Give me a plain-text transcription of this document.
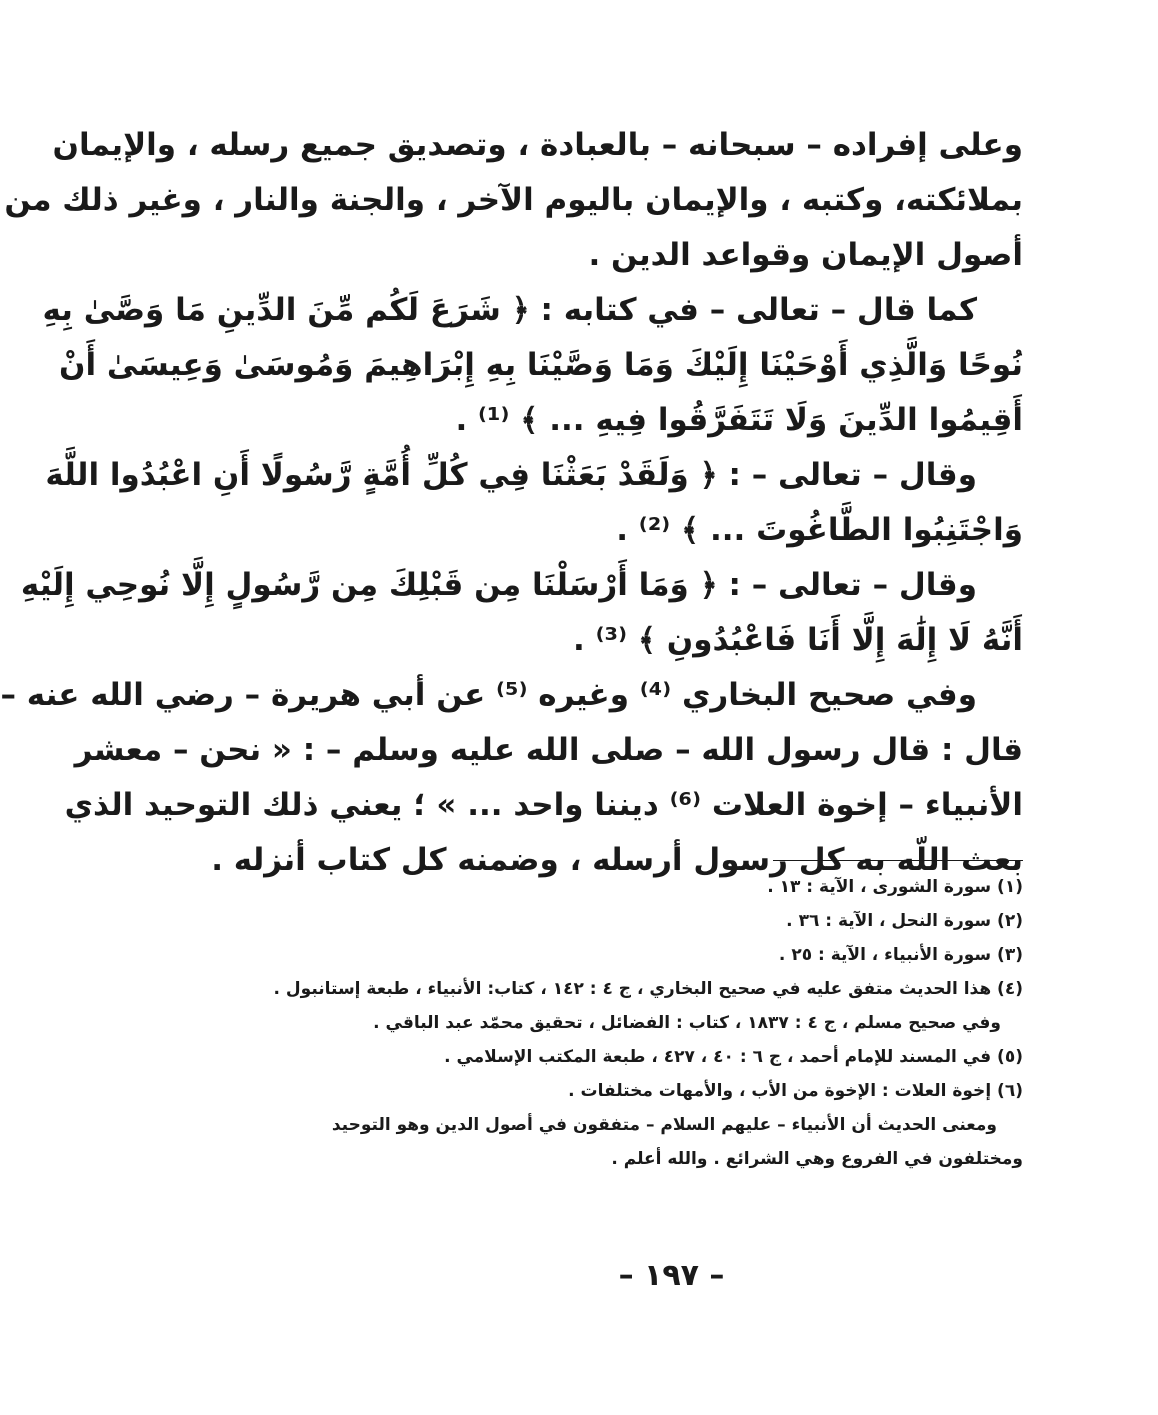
وعلى إفراده – سبحانه – بالعبادة ، وتصديق جميع رسله ، والإيمان
بملائكته، وكتبه ، والإيمان باليوم الآخر ، والجنة والنار ، وغير ذلك من
أصول الإيمان وقواعد الدين .

كما قال – تعالى – في كتابه : ﴿ شَرَعَ لَكُم مِّنَ الدِّينِ مَا وَصَّىٰ بِهِ
نُوحًا وَالَّذِي أَوْحَيْنَا إِلَيْكَ وَمَا وَصَّيْنَا بِهِ إِبْرَاهِيمَ وَمُوسَىٰ وَعِيسَىٰ أَنْ
أَقِيمُوا الدِّينَ وَلَا تَتَفَرَّقُوا فِيهِ ... ﴾ ⁽¹⁾ .

وقال – تعالى – : ﴿ وَلَقَدْ بَعَثْنَا فِي كُلِّ أُمَّةٍ رَّسُولًا أَنِ اعْبُدُوا اللَّهَ
وَاجْتَنِبُوا الطَّاغُوتَ ... ﴾ ⁽²⁾ .

وقال – تعالى – : ﴿ وَمَا أَرْسَلْنَا مِن قَبْلِكَ مِن رَّسُولٍ إِلَّا نُوحِي إِلَيْهِ
أَنَّهُ لَا إِلَٰهَ إِلَّا أَنَا فَاعْبُدُونِ ﴾ ⁽³⁾ .

وفي صحيح البخاري ⁽⁴⁾ وغيره ⁽⁵⁾ عن أبي هريرة – رضي الله عنه –
قال : قال رسول الله – صلى الله عليه وسلم – : « نحن – معشر
الأنبياء – إخوة العلات ⁽⁶⁾ ديننا واحد ... » ؛ يعني ذلك التوحيد الذي
بعث اللّه به كل رسول أرسله ، وضمنه كل كتاب أنزله .

(١) سورة الشورى ، الآية : ١٣ .
(٢) سورة النحل ، الآية : ٣٦ .
(٣) سورة الأنبياء ، الآية : ٢٥ .
(٤) هذا الحديث متفق عليه في صحيح البخاري ، ج ٤ : ١٤٢ ، كتاب: الأنبياء ، طبعة إستانبول .
وفي صحيح مسلم ، ج ٤ : ١٨٣٧ ، كتاب : الفضائل ، تحقيق محمّد عبد الباقي .
(٥) في المسند للإمام أحمد ، ج ٦ : ٤٠ ، ٤٢٧ ، طبعة المكتب الإسلامي .
(٦) إخوة العلات : الإخوة من الأب ، والأمهات مختلفات .
ومعنى الحديث أن الأنبياء – عليهم السلام – متفقون في أصول الدين وهو التوحيد
ومختلفون في الفروع وهي الشرائع . والله أعلم .
– ١٩٧ –
